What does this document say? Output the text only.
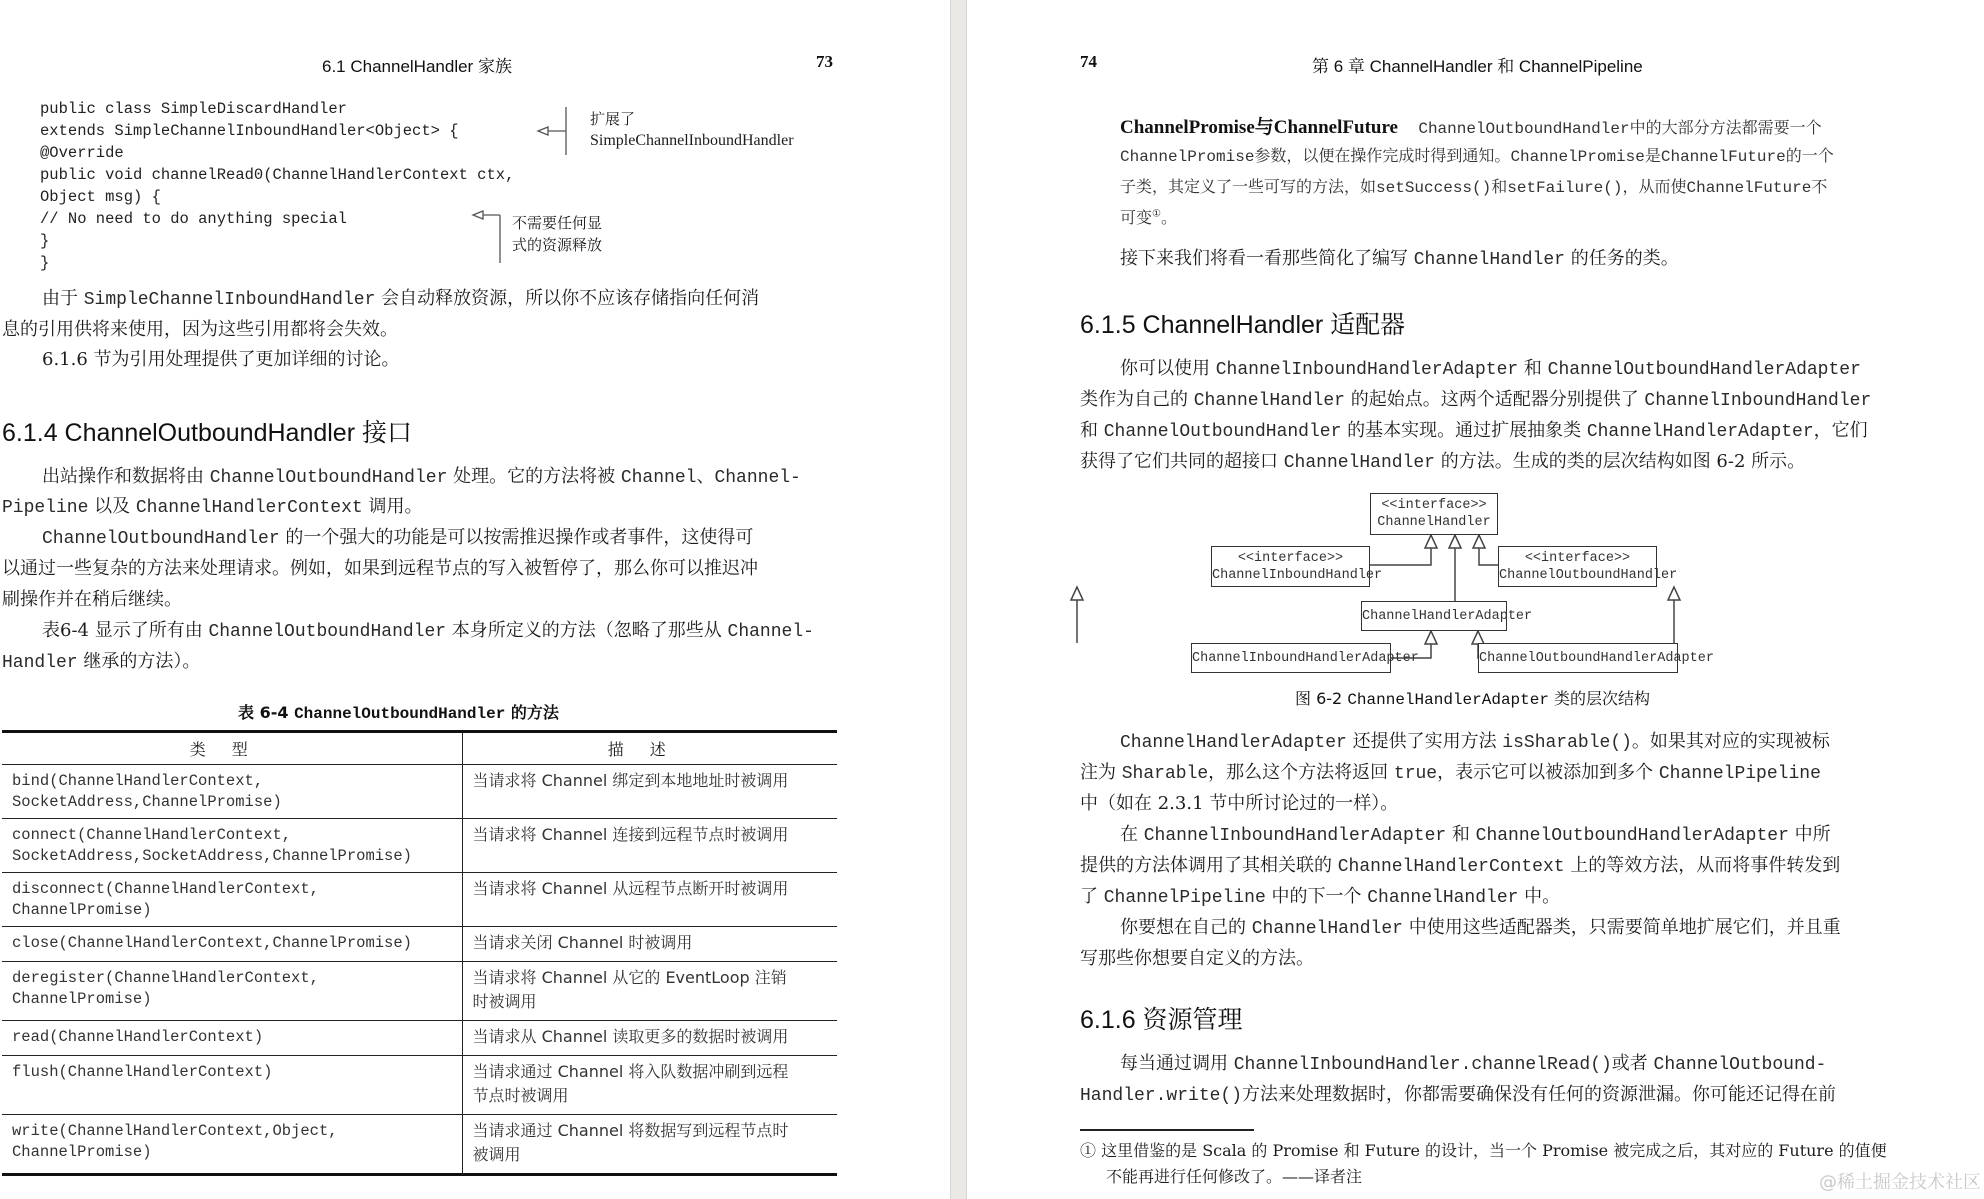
6.1 ChannelHandler 家族	73
public class SimpleDiscardHandler
extends SimpleChannelInboundHandler<Object> {
@Override
public void channelRead0(ChannelHandlerContext ctx,
Object msg) {
// No need to do anything special
}
}
扩展了
SimpleChannelInboundHandler
不需要任何显
式的资源释放
由于 SimpleChannelInboundHandler 会自动释放资源，所以你不应该存储指向任何消
息的引用供将来使用，因为这些引用都将会失效。
6.1.6 节为引用处理提供了更加详细的讨论。
6.1.4 ChannelOutboundHandler 接口
出站操作和数据将由 ChannelOutboundHandler 处理。它的方法将被 Channel、Channel-
Pipeline 以及 ChannelHandlerContext 调用。
ChannelOutboundHandler 的一个强大的功能是可以按需推迟操作或者事件，这使得可
以通过一些复杂的方法来处理请求。例如，如果到远程节点的写入被暂停了，那么你可以推迟冲
刷操作并在稍后继续。
表6-4 显示了所有由 ChannelOutboundHandler 本身所定义的方法（忽略了那些从 Channel-
Handler 继承的方法）。
表 6-4 ChannelOutboundHandler 的方法
类型	描述
bind(ChannelHandlerContext,
SocketAddress,ChannelPromise)	当请求将 Channel 绑定到本地地址时被调用
connect(ChannelHandlerContext,
SocketAddress,SocketAddress,ChannelPromise)	当请求将 Channel 连接到远程节点时被调用
disconnect(ChannelHandlerContext,
ChannelPromise)	当请求将 Channel 从远程节点断开时被调用
close(ChannelHandlerContext,ChannelPromise)	当请求关闭 Channel 时被调用
deregister(ChannelHandlerContext,
ChannelPromise)	当请求将 Channel 从它的 EventLoop 注销
时被调用
read(ChannelHandlerContext)	当请求从 Channel 读取更多的数据时被调用
flush(ChannelHandlerContext)	当请求通过 Channel 将入队数据冲刷到远程
节点时被调用
write(ChannelHandlerContext,Object,
ChannelPromise)	当请求通过 Channel 将数据写到远程节点时
被调用
74	第 6 章 ChannelHandler 和 ChannelPipeline
ChannelPromise与ChannelFuture ChannelOutboundHandler中的大部分方法都需要一个
ChannelPromise参数，以便在操作完成时得到通知。ChannelPromise是ChannelFuture的一个
子类，其定义了一些可写的方法，如setSuccess()和setFailure()，从而使ChannelFuture不
可变①。
接下来我们将看一看那些简化了编写 ChannelHandler 的任务的类。
6.1.5 ChannelHandler 适配器
你可以使用 ChannelInboundHandlerAdapter 和 ChannelOutboundHandlerAdapter
类作为自己的 ChannelHandler 的起始点。这两个适配器分别提供了 ChannelInboundHandler
和 ChannelOutboundHandler 的基本实现。通过扩展抽象类 ChannelHandlerAdapter，它们
获得了它们共同的超接口 ChannelHandler 的方法。生成的类的层次结构如图 6-2 所示。
<<interface>>
ChannelHandler
<<interface>>
ChannelInboundHandler
<<interface>>
ChannelOutboundHandler
ChannelHandlerAdapter
ChannelInboundHandlerAdapter	ChannelOutboundHandlerAdapter
图 6-2 ChannelHandlerAdapter 类的层次结构
ChannelHandlerAdapter 还提供了实用方法 isSharable()。如果其对应的实现被标
注为 Sharable，那么这个方法将返回 true，表示它可以被添加到多个 ChannelPipeline
中（如在 2.3.1 节中所讨论过的一样）。
在 ChannelInboundHandlerAdapter 和 ChannelOutboundHandlerAdapter 中所
提供的方法体调用了其相关联的 ChannelHandlerContext 上的等效方法，从而将事件转发到
了 ChannelPipeline 中的下一个 ChannelHandler 中。
你要想在自己的 ChannelHandler 中使用这些适配器类，只需要简单地扩展它们，并且重
写那些你想要自定义的方法。
6.1.6 资源管理
每当通过调用 ChannelInboundHandler.channelRead()或者 ChannelOutbound-
Handler.write()方法来处理数据时，你都需要确保没有任何的资源泄漏。你可能还记得在前
① 这里借鉴的是 Scala 的 Promise 和 Future 的设计，当一个 Promise 被完成之后，其对应的 Future 的值便
不能再进行任何修改了。——译者注	@稀土掘金技术社区
